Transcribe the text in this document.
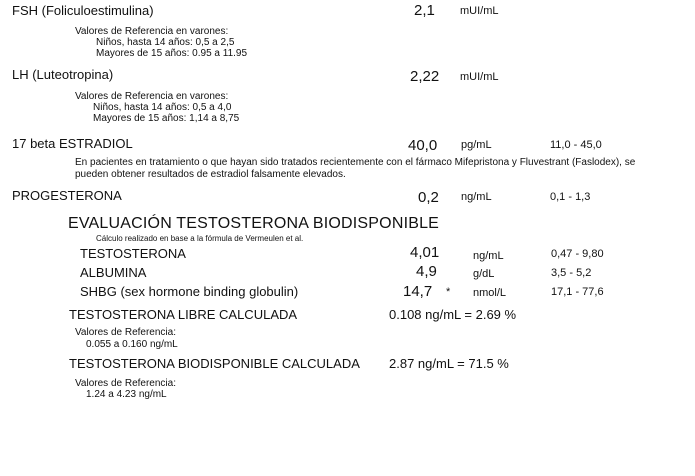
FSH (Foliculoestimulina)	2,1 mUI/mL
Valores de Referencia en varones:
Niños, hasta 14 años: 0,5 a 2,5
Mayores de 15 años: 0.95 a 11.95
LH (Luteotropina)	2,22 mUI/mL
Valores de Referencia en varones:
Niños, hasta 14 años: 0,5 a 4,0
Mayores de 15 años: 1,14 a 8,75
17 beta ESTRADIOL	40,0 pg/mL	11,0 - 45,0
En pacientes en tratamiento o que hayan sido tratados recientemente con el fármaco Mifepristona y Fluvestrant (Faslodex), se
pueden obtener resultados de estradiol falsamente elevados.
PROGESTERONA	0,2 ng/mL	0,1 - 1,3
EVALUACIÓN TESTOSTERONA BIODISPONIBLE
Cálculo realizado en base a la fórmula de Vermeulen et al.
TESTOSTERONA	4,01	ng/mL	0,47 - 9,80
ALBUMINA	4,9	g/dL	3,5 - 5,2
SHBG (sex hormone binding globulin)	14,7 * nmol/L	17,1 - 77,6
TESTOSTERONA LIBRE CALCULADA	0.108 ng/mL = 2.69 %
Valores de Referencia:
0.055 a 0.160 ng/mL
TESTOSTERONA BIODISPONIBLE CALCULADA 2.87 ng/mL = 71.5 %
Valores de Referencia:
1.24 a 4.23 ng/mL
